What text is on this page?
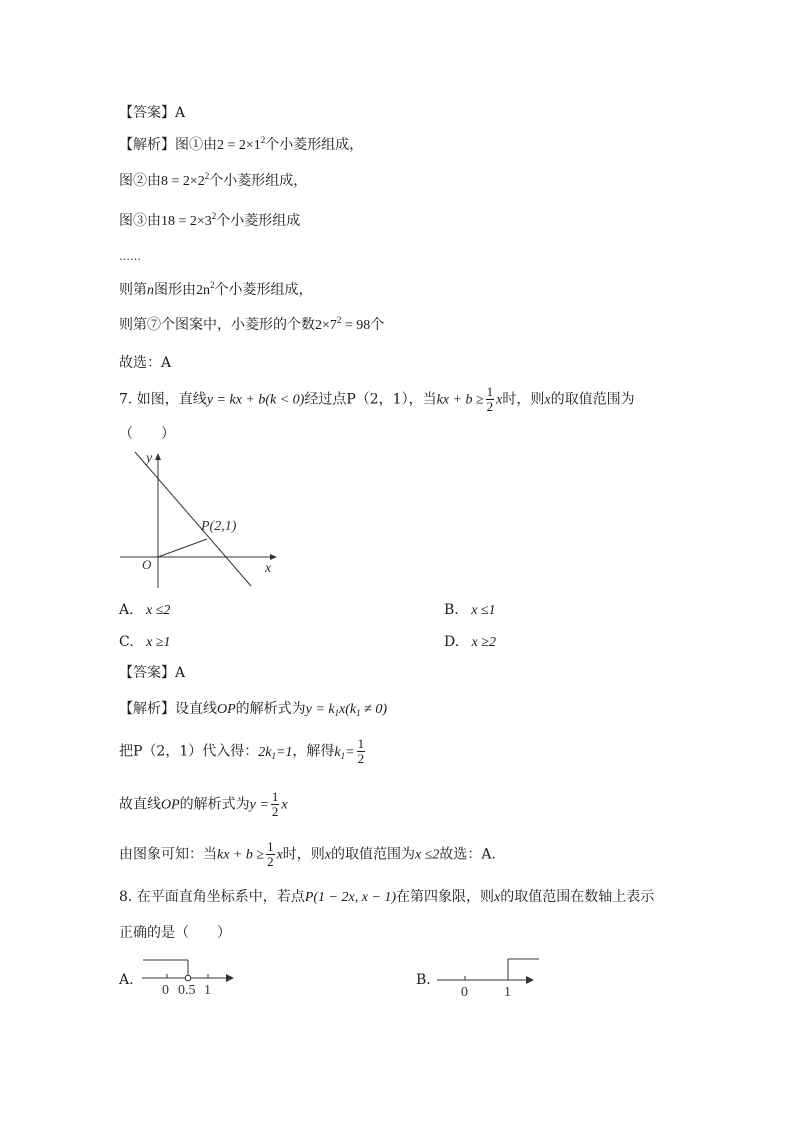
【答案】A
【解析】图①由$2 = 2\times 1^2$个小菱形组成，
图②由$8 = 2\times 2^2$个小菱形组成，
图③由$18 = 2\times 3^2$个小菱形组成
……
则第n图形由$2n^2$个小菱形组成，
则第⑦个图案中，小菱形的个数$2\times 7^2 = 98$个
故选：A
7. 如图，直线y = kx + b(k < 0)经过点P（2，1），当kx + $b \ge \frac{1}{2}$ x时，则x的取值范围为
（　　）
y
x
O
P(2,1)
A. x ≤2	B. x ≤1
C. x ≥1	D. x ≥2
【答案】A
【解析】设直线OP的解析式为$y = k_1x(k_1 \ne 0)$
把P（2，1）代入得：$2k_1=1$，解得$k_1= \frac{1}{2}$
故直线OP的解析式为$y = \frac{1}{2}$ x
由图象可知：当kx + $b \ge \frac{1}{2}$ x时，则x的取值范围为x ≤2故选：A．
8. 在平面直角坐标系中，若点P(1 − 2x, x − 1)在第四象限，则x的取值范围在数轴上表示
正确的是（　　）
A.
0 0.5 1
B.
0	1
